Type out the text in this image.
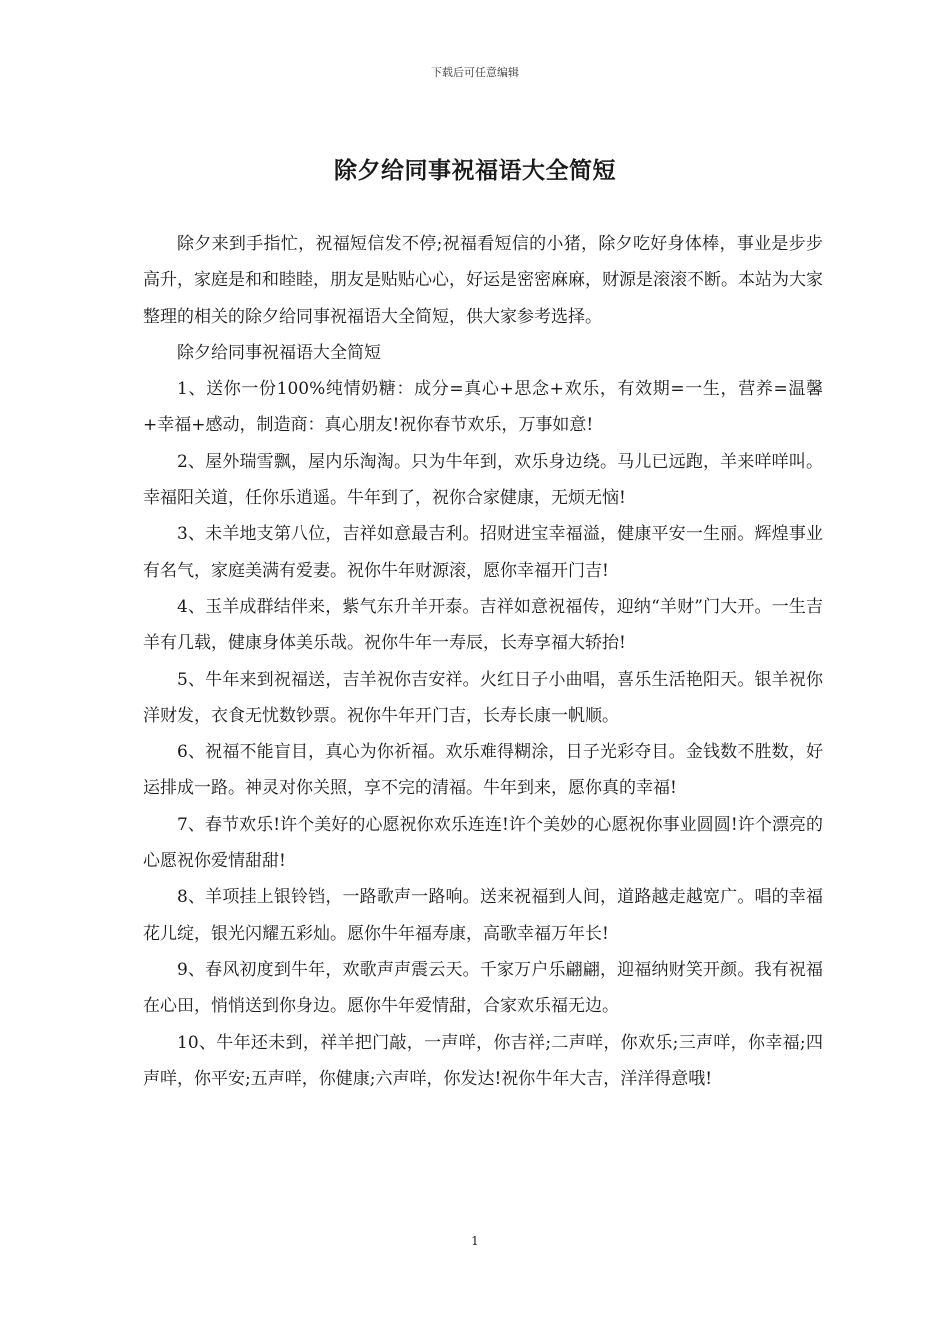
下载后可任意编辑
除夕给同事祝福语大全简短

除夕来到手指忙，祝福短信发不停;祝福看短信的小猪，除夕吃好身体棒，事业是步步高升，家庭是和和睦睦，朋友是贴贴心心，好运是密密麻麻，财源是滚滚不断。本站为大家整理的相关的除夕给同事祝福语大全简短，供大家参考选择。

除夕给同事祝福语大全简短

1、送你一份100%纯情奶糖：成分=真心+思念+欢乐，有效期=一生，营养=温馨+幸福+感动，制造商：真心朋友!祝你春节欢乐，万事如意!

2、屋外瑞雪飘，屋内乐淘淘。只为牛年到，欢乐身边绕。马儿已远跑，羊来咩咩叫。幸福阳关道，任你乐逍遥。牛年到了，祝你合家健康，无烦无恼!

3、未羊地支第八位，吉祥如意最吉利。招财进宝幸福溢，健康平安一生丽。辉煌事业有名气，家庭美满有爱妻。祝你牛年财源滚，愿你幸福开门吉!

4、玉羊成群结伴来，紫气东升羊开泰。吉祥如意祝福传，迎纳“羊财”门大开。一生吉羊有几载，健康身体美乐哉。祝你牛年一寿辰，长寿享福大轿抬!

5、牛年来到祝福送，吉羊祝你吉安祥。火红日子小曲唱，喜乐生活艳阳天。银羊祝你洋财发，衣食无忧数钞票。祝你牛年开门吉，长寿长康一帆顺。

6、祝福不能盲目，真心为你祈福。欢乐难得糊涂，日子光彩夺目。金钱数不胜数，好运排成一路。神灵对你关照，享不完的清福。牛年到来，愿你真的幸福!

7、春节欢乐!许个美好的心愿祝你欢乐连连!许个美妙的心愿祝你事业圆圆!许个漂亮的心愿祝你爱情甜甜!

8、羊项挂上银铃铛，一路歌声一路响。送来祝福到人间，道路越走越宽广。唱的幸福花儿绽，银光闪耀五彩灿。愿你牛年福寿康，高歌幸福万年长!

9、春风初度到牛年，欢歌声声震云天。千家万户乐翩翩，迎福纳财笑开颜。我有祝福在心田，悄悄送到你身边。愿你牛年爱情甜，合家欢乐福无边。

10、牛年还未到，祥羊把门敲，一声咩，你吉祥;二声咩，你欢乐;三声咩，你幸福;四声咩，你平安;五声咩，你健康;六声咩，你发达!祝你牛年大吉，洋洋得意哦!

1
